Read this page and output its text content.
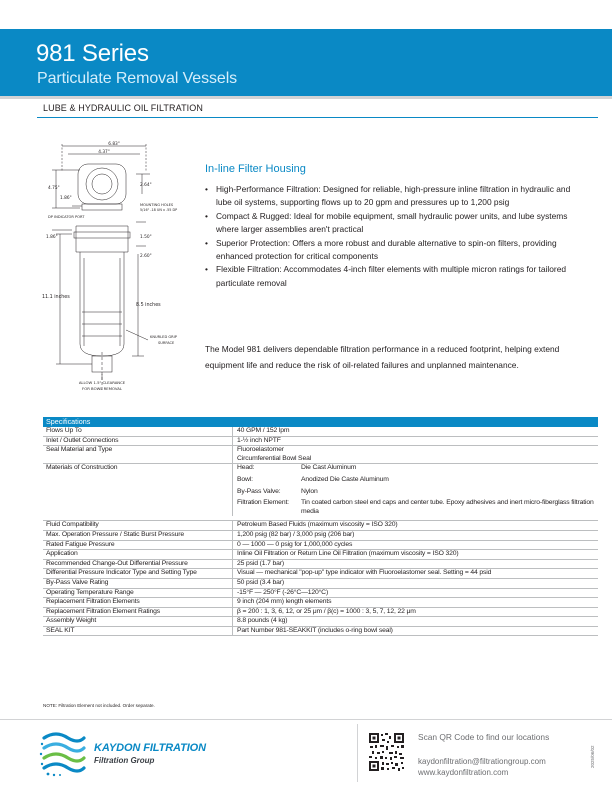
981 Series
Particulate Removal Vessels
LUBE & HYDRAULIC OIL FILTRATION
6.83"
4.37"
4.75"
1.86"
2.64"
MOUNTING HOLES
5/16" -18 UN x .55 DP
DP INDICATOR PORT
1.86"	1.50"
2.60"
11.1 inches
8.5 inches
KNURLED GRIP
SURFACE
ALLOW 1.5" CLEARANCE
FOR BOWL REMOVAL
In-line Filter Housing
• High-Performance Filtration: Designed for reliable, high-pressure inline filtration in hydraulic and lube oil systems, supporting flows up to 20 gpm and pressures up to 1,200 psig
• Compact & Rugged: Ideal for mobile equipment, small hydraulic power units, and lube systems where larger assemblies aren't practical
• Superior Protection: Offers a more robust and durable alternative to spin-on filters, providing enhanced protection for critical components
• Flexible Filtration: Accommodates 4-inch filter elements with multiple micron ratings for tailored particulate removal
The Model 981 delivers dependable filtration performance in a reduced footprint, helping extend equipment life and reduce the risk of oil-related failures and unplanned maintenance.
Specifications
Flows Up To	40 GPM / 152 lpm
Inlet / Outlet Connections	1-½ inch NPTF
Seal Material and Type	Fluoroelastomer
Circumferential Bowl Seal
Materials of Construction	Head:	Die Cast Aluminum
Bowl:	Anodized Die Caste Aluminum
By-Pass Valve:	Nylon
Filtration Element:	Tin coated carbon steel end caps and center tube. Epoxy adhesives and inert micro-fiberglass filtration media
Fluid Compatibility	Petroleum Based Fluids (maximum viscosity = ISO 320)
Max. Operation Pressure / Static Burst Pressure	1,200 psig (82 bar) / 3,000 psig (206 bar)
Rated Fatigue Pressure	0 — 1000 — 0 psig for 1,000,000 cycles
Application	Inline Oil Filtration or Return Line Oil Filtration (maximum viscosity = ISO 320)
Recommended Change-Out Differential Pressure	25 psid (1.7 bar)
Differential Pressure Indicator Type and Setting Type	Visual — mechanical "pop-up" type indicator with Fluoroelastomer seal. Setting = 44 psid
By-Pass Valve Rating	50 psid (3.4 bar)
Operating Temperature Range	-15°F — 250°F (-26°C—120°C)
Replacement Filtration Elements	9 inch (204 mm) length elements
Replacement Filtration Element Ratings	β = 200 : 1, 3, 6, 12, or 25 μm / β(c) = 1000 : 3, 5, 7, 12, 22 μm
Assembly Weight	8.8 pounds (4 kg)
SEAL KIT	Part Number 981-SEAKKIT (includes o-ring bowl seal)
NOTE: Filtration Element not included. Order separate.
KAYDON FILTRATION
Filtration Group
Scan QR Code to find our locations
kaydonfiltration@filtrationgroup.com
www.kaydonfiltration.com
2025/06/02
